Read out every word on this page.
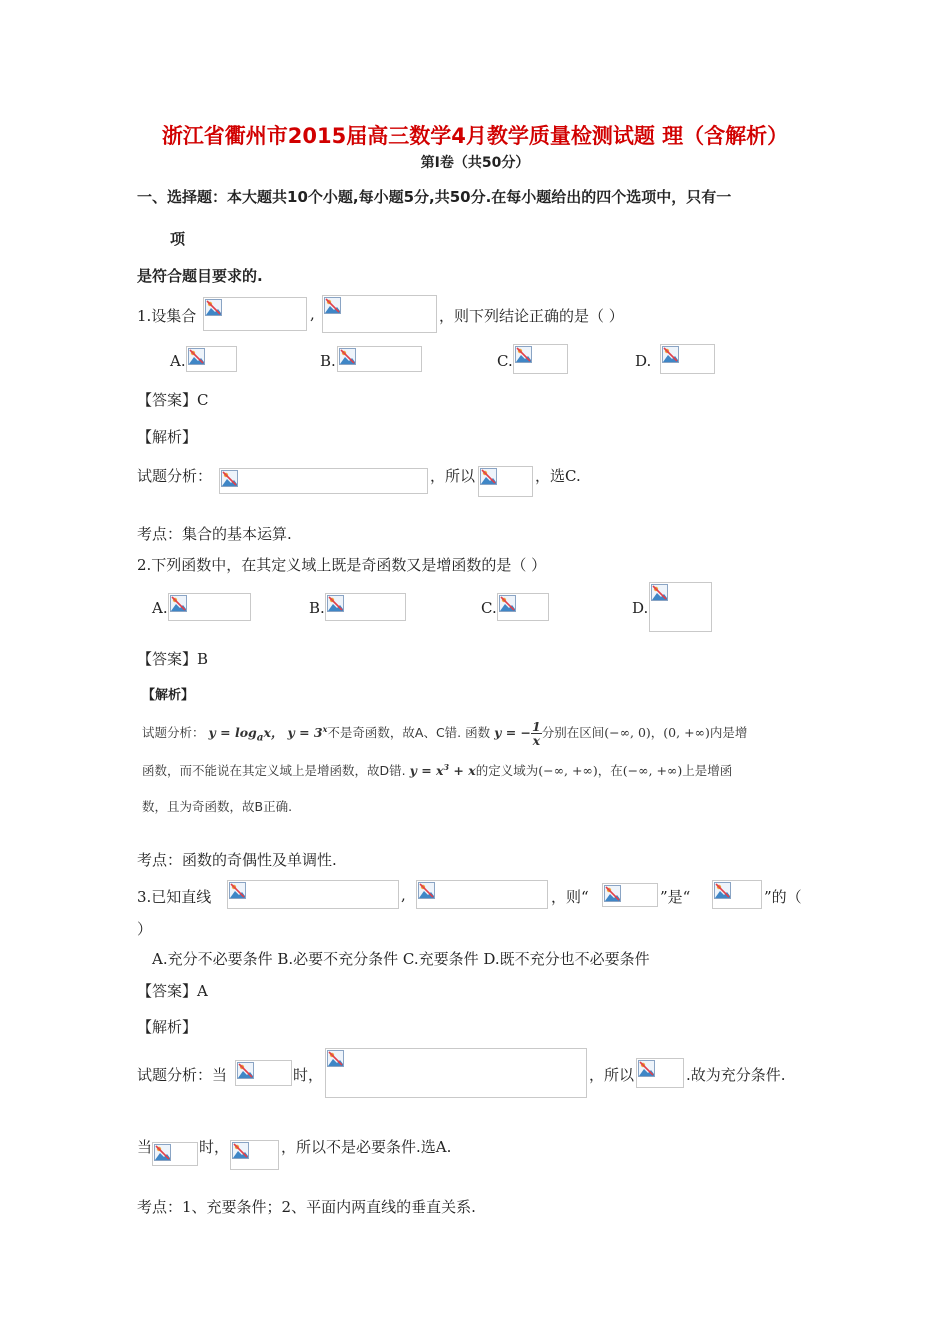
浙江省衢州市2015届高三数学4月教学质量检测试题 理（含解析）
第Ⅰ卷（共50分）
一、选择题：本大题共10个小题,每小题5分,共50分.在每小题给出的四个选项中，只有一
项
是符合题目要求的.
1.设集合	,	，则下列结论正确的是（ ）
A.	B.	C.	D.
【答案】C
【解析】
试题分析：	，所以	，选C.
考点：集合的基本运算.
2.下列函数中，在其定义域上既是奇函数又是增函数的是（ ）
A.	B.	C.	D.
【答案】B
【解析】
试题分析： $y = \log_ax$， $y = 3^x$不是奇函数，故A、C错. 函数 y = − $\frac{1}{x}$ 分别在区间(−∞, 0)，(0, +∞)内是增
函数，而不能说在其定义域上是增函数，故D错. $y = x^3 + x$的定义域为(−∞, +∞)，在(−∞, +∞)上是增函
数，且为奇函数，故B正确.
考点：函数的奇偶性及单调性.
3.已知直线	,	，则“	”是“	”的（
）
A.充分不必要条件 B.必要不充分条件 C.充要条件 D.既不充分也不必要条件
【答案】A
【解析】
试题分析：当	时，	，所以	.故为充分条件.
当	时，	，所以不是必要条件.选A.
考点：1、充要条件；2、平面内两直线的垂直关系.
